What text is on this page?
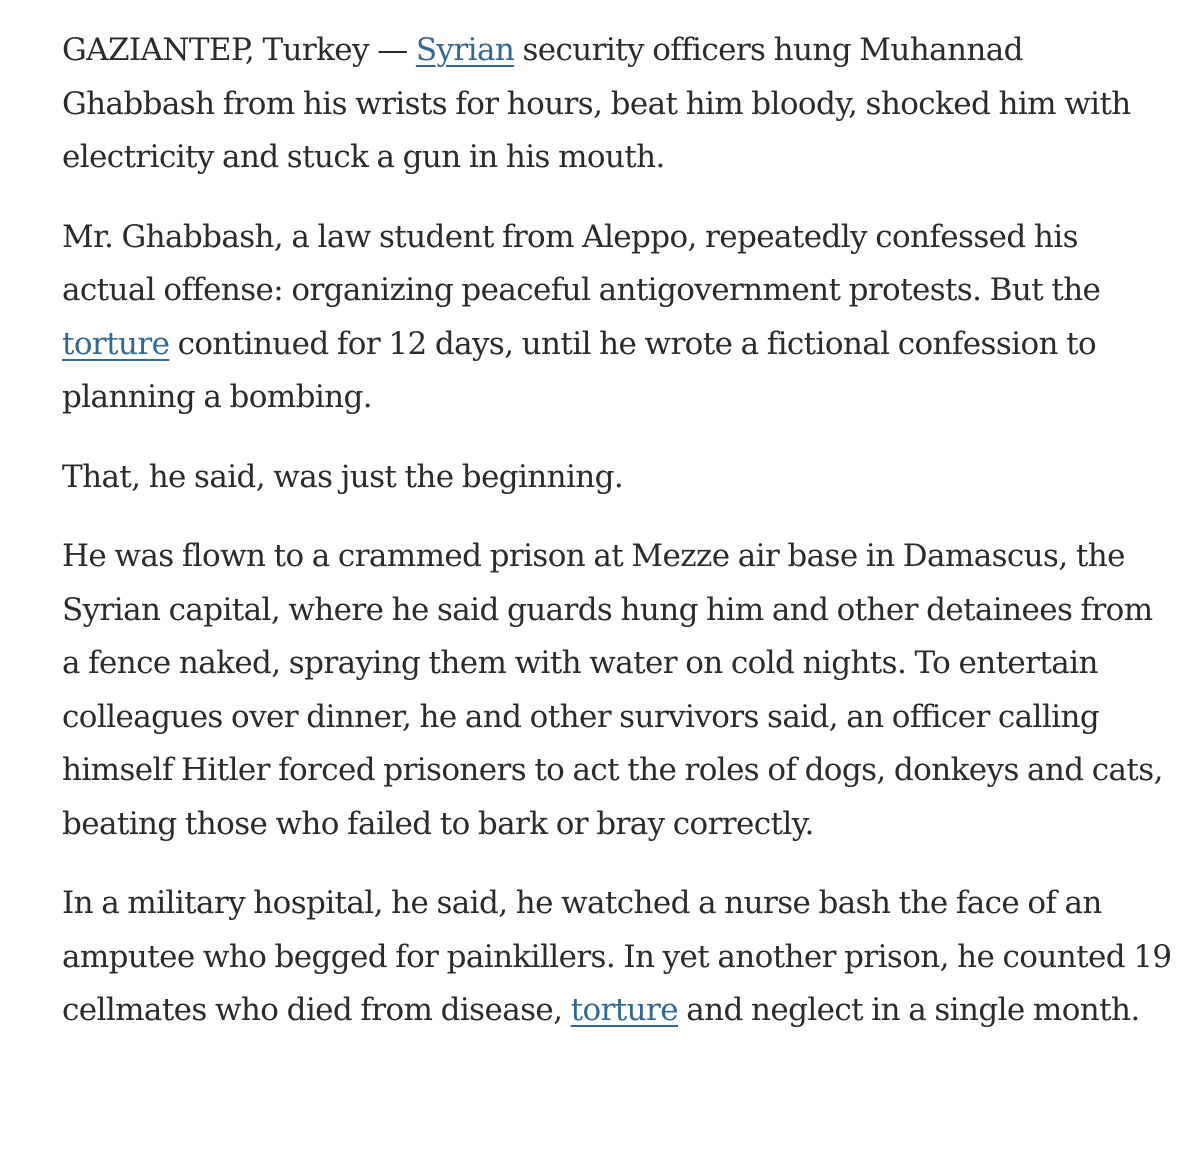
GAZIANTEP, Turkey — Syrian security officers hung Muhannad Ghabbash from his wrists for hours, beat him bloody, shocked him with electricity and stuck a gun in his mouth.

Mr. Ghabbash, a law student from Aleppo, repeatedly confessed his actual offense: organizing peaceful antigovernment protests. But the torture continued for 12 days, until he wrote a fictional confession to planning a bombing.

That, he said, was just the beginning.

He was flown to a crammed prison at Mezze air base in Damascus, the Syrian capital, where he said guards hung him and other detainees from a fence naked, spraying them with water on cold nights. To entertain colleagues over dinner, he and other survivors said, an officer calling himself Hitler forced prisoners to act the roles of dogs, donkeys and cats, beating those who failed to bark or bray correctly.

In a military hospital, he said, he watched a nurse bash the face of an amputee who begged for painkillers. In yet another prison, he counted 19 cellmates who died from disease, torture and neglect in a single month.
